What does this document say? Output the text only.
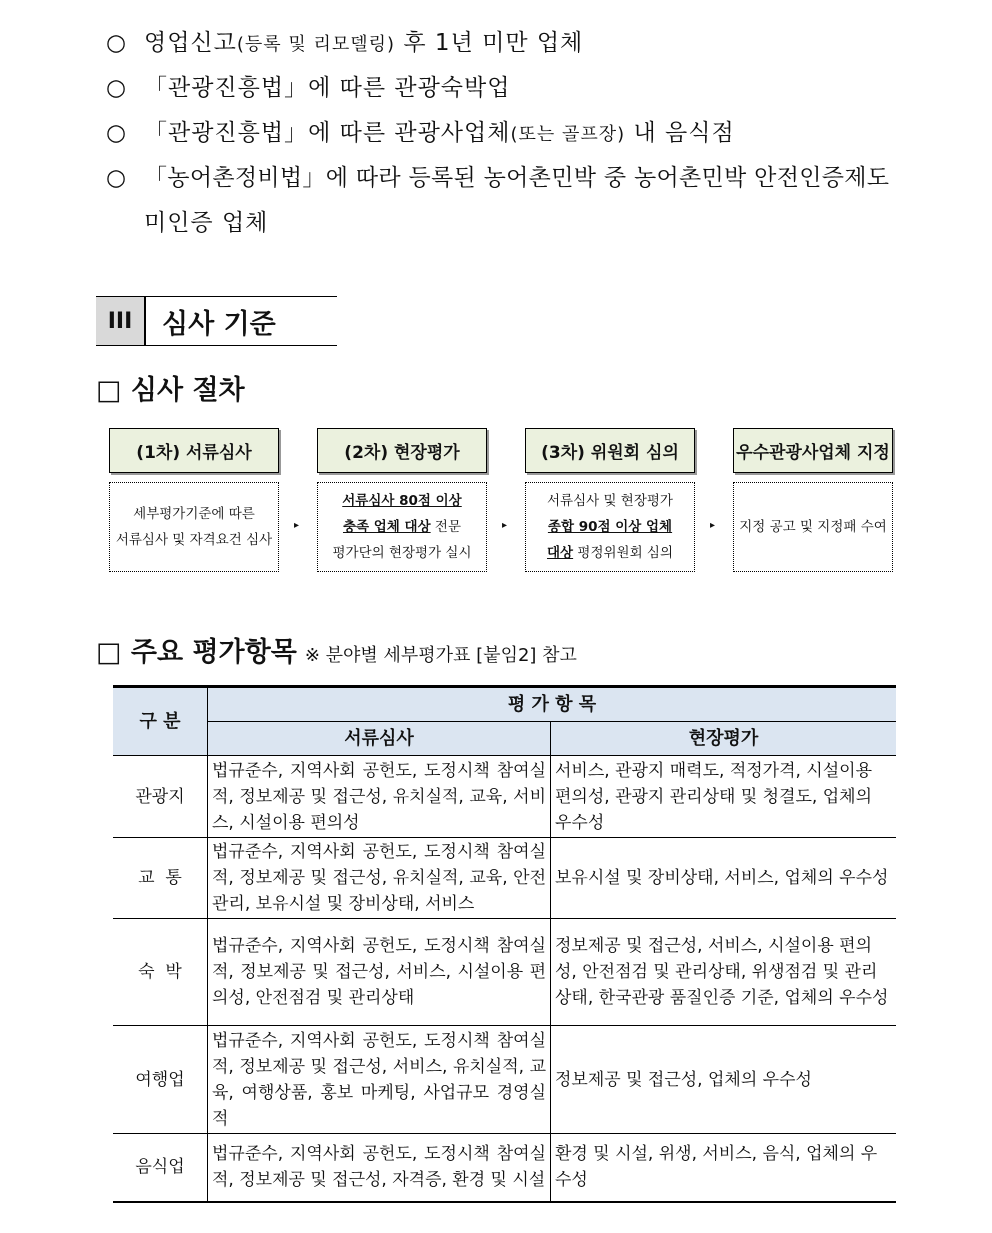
○ 영업신고(등록 및 리모델링) 후 1년 미만 업체
○ 「관광진흥법」에 따른 관광숙박업
○ 「관광진흥법」에 따른 관광사업체(또는 골프장) 내 음식점
○ 「농어촌정비법」에 따라 등록된 농어촌민박 중 농어촌민박 안전인증제도
미인증 업체
III	심사 기준
□ 심사 절차
(1차) 서류심사	(2차) 현장평가	(3차) 위원회 심의	우수관광사업체 지정
세부평가기준에 따른
서류심사 및 자격요건 심사
서류심사 80점 이상
충족 업체 대상 전문
평가단의 현장평가 실시
서류심사 및 현장평가
종합 90점 이상 업체
대상 평정위원회 심의
지정 공고 및 지정패 수여
▸	▸	▸
□ 주요 평가항목 ※ 분야별 세부평가표 [붙임2] 참고
구 분	평 가 항 목	
	서류심사	현장평가
관광지	법규준수, 지역사회 공헌도, 도정시책 참여실적, 정보제공 및 접근성, 유치실적, 교육, 서비스, 시설이용 편의성	서비스, 관광지 매력도, 적정가격, 시설이용 편의성, 관광지 관리상태 및 청결도, 업체의 우수성
교  통	법규준수, 지역사회 공헌도, 도정시책 참여실적, 정보제공 및 접근성, 유치실적, 교육, 안전관리, 보유시설 및 장비상태, 서비스	보유시설 및 장비상태, 서비스, 업체의 우수성
숙  박	법규준수, 지역사회 공헌도, 도정시책 참여실적, 정보제공 및 접근성, 서비스, 시설이용 편의성, 안전점검 및 관리상태	정보제공 및 접근성, 서비스, 시설이용 편의성, 안전점검 및 관리상태, 위생점검 및 관리상태, 한국관광 품질인증 기준, 업체의 우수성
여행업	법규준수, 지역사회 공헌도, 도정시책 참여실적, 정보제공 및 접근성, 서비스, 유치실적, 교육, 여행상품, 홍보 마케팅, 사업규모 경영실적	정보제공 및 접근성, 업체의 우수성
음식업	법규준수, 지역사회 공헌도, 도정시책 참여실적, 정보제공 및 접근성, 자격증, 환경 및 시설	환경 및 시설, 위생, 서비스, 음식, 업체의 우수성
